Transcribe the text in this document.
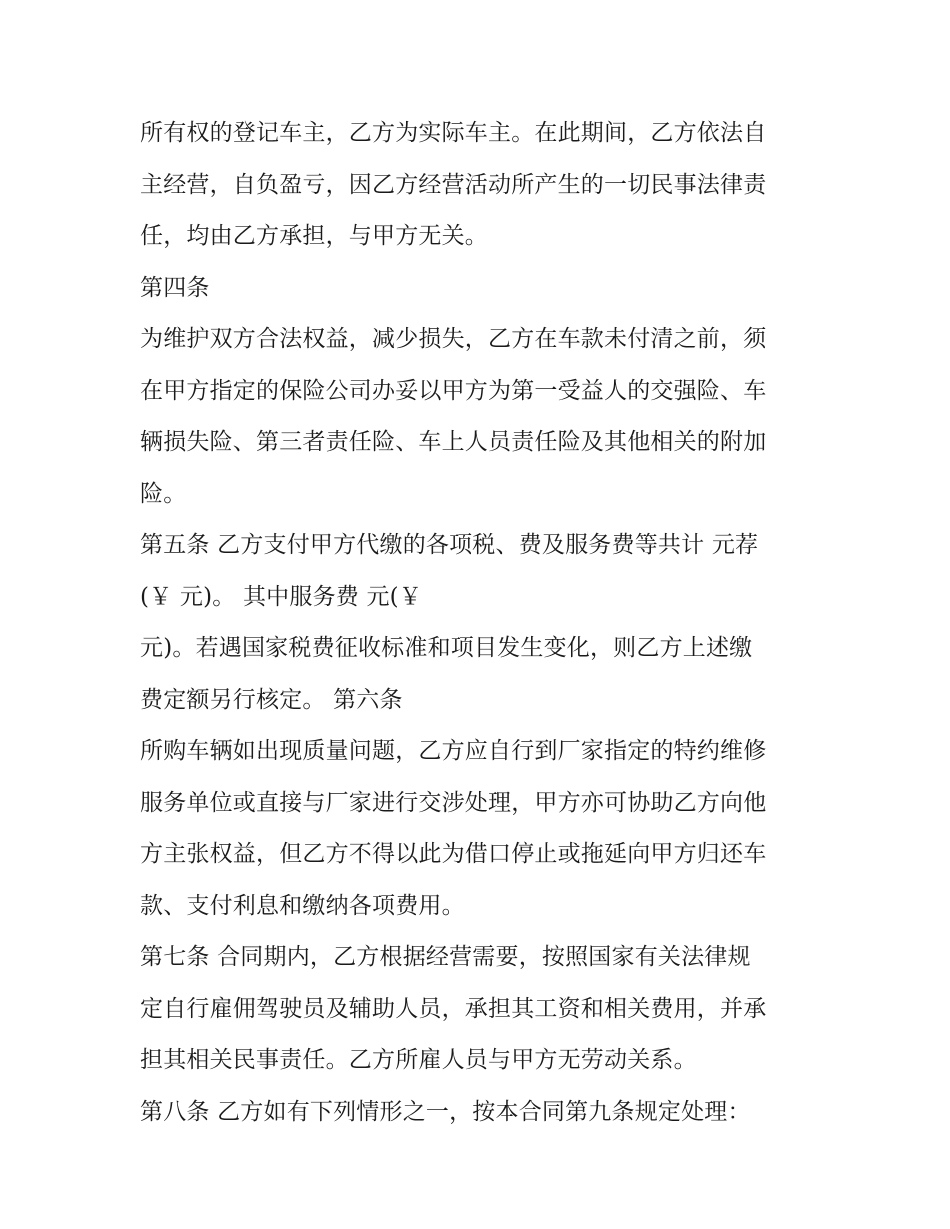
所有权的登记车主，乙方为实际车主。在此期间，乙方依法自
主经营，自负盈亏，因乙方经营活动所产生的一切民事法律责
任，均由乙方承担，与甲方无关。
第四条
为维护双方合法权益，减少损失，乙方在车款未付清之前，须
在甲方指定的保险公司办妥以甲方为第一受益人的交强险、车
辆损失险、第三者责任险、车上人员责任险及其他相关的附加
险。
第五条 乙方支付甲方代缴的各项税、费及服务费等共计 元荐
(￥ 元)。 其中服务费 元(￥
元)。若遇国家税费征收标准和项目发生变化，则乙方上述缴
费定额另行核定。 第六条
所购车辆如出现质量问题，乙方应自行到厂家指定的特约维修
服务单位或直接与厂家进行交涉处理，甲方亦可协助乙方向他
方主张权益，但乙方不得以此为借口停止或拖延向甲方归还车
款、支付利息和缴纳各项费用。
第七条 合同期内，乙方根据经营需要，按照国家有关法律规
定自行雇佣驾驶员及辅助人员，承担其工资和相关费用，并承
担其相关民事责任。乙方所雇人员与甲方无劳动关系。
第八条 乙方如有下列情形之一，按本合同第九条规定处理：
